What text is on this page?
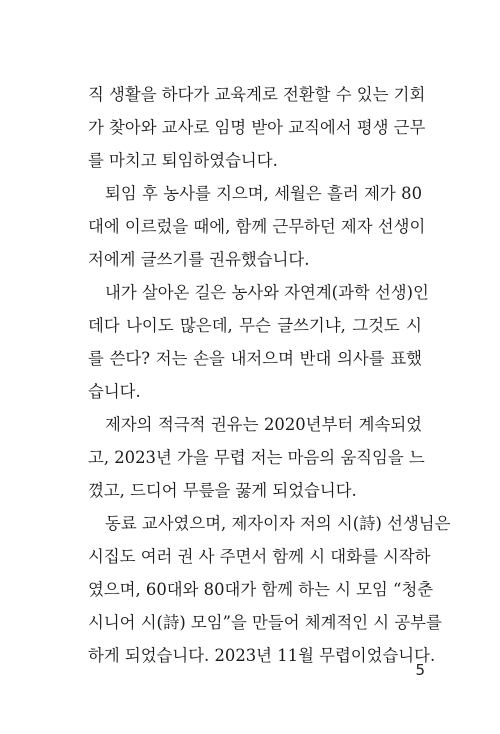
직 생활을 하다가 교육계로 전환할 수 있는 기회
가 찾아와 교사로 임명 받아 교직에서 평생 근무
를 마치고 퇴임하였습니다.
퇴임 후 농사를 지으며, 세월은 흘러 제가 80
대에 이르렀을 때에, 함께 근무하던 제자 선생이
저에게 글쓰기를 권유했습니다.
내가 살아온 길은 농사와 자연계(과학 선생)인
데다 나이도 많은데, 무슨 글쓰기냐, 그것도 시
를 쓴다? 저는 손을 내저으며 반대 의사를 표했
습니다.
제자의 적극적 권유는 2020년부터 계속되었
고, 2023년 가을 무렵 저는 마음의 움직임을 느
꼈고, 드디어 무릎을 꿇게 되었습니다.
동료 교사였으며, 제자이자 저의 시(詩) 선생님은
시집도 여러 권 사 주면서 함께 시 대화를 시작하
였으며, 60대와 80대가 함께 하는 시 모임 “청춘
시니어 시(詩) 모임”을 만들어 체계적인 시 공부를
하게 되었습니다. 2023년 11월 무렵이었습니다.
5
